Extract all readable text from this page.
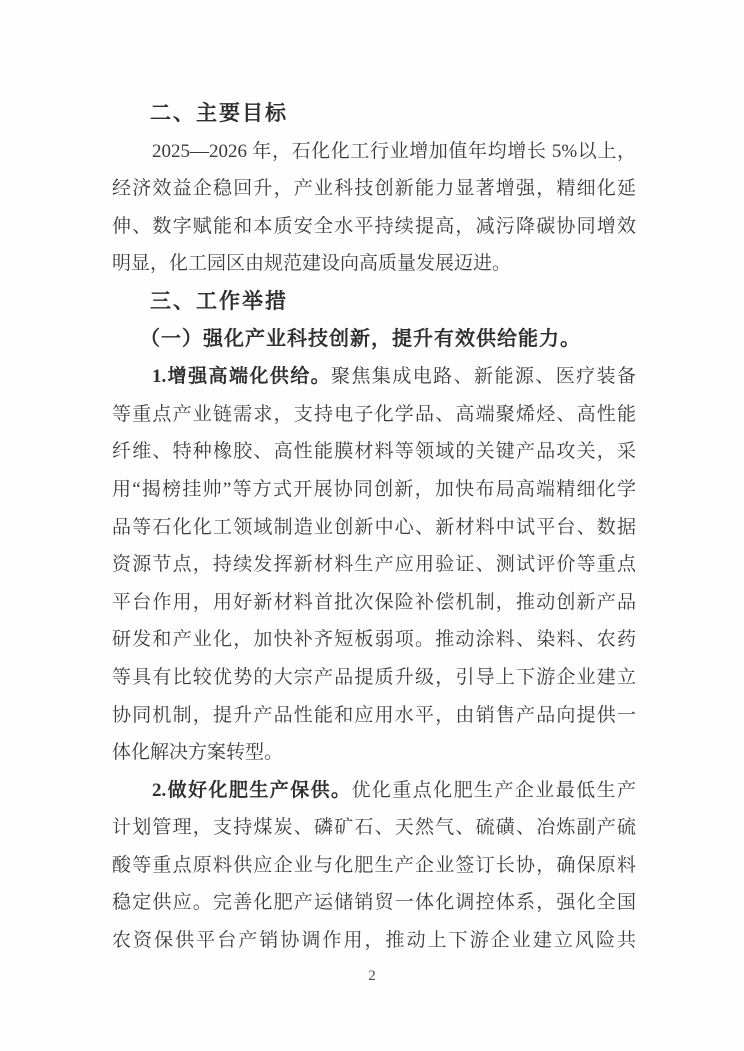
二、主要目标
2025—2026 年，石化化工行业增加值年均增长 5%以上，
经济效益企稳回升，产业科技创新能力显著增强，精细化延
伸、数字赋能和本质安全水平持续提高，减污降碳协同增效
明显，化工园区由规范建设向高质量发展迈进。
三、工作举措
（一）强化产业科技创新，提升有效供给能力。
1.增强高端化供给。聚焦集成电路、新能源、医疗装备
等重点产业链需求，支持电子化学品、高端聚烯烃、高性能
纤维、特种橡胶、高性能膜材料等领域的关键产品攻关，采
用“揭榜挂帅”等方式开展协同创新，加快布局高端精细化学
品等石化化工领域制造业创新中心、新材料中试平台、数据
资源节点，持续发挥新材料生产应用验证、测试评价等重点
平台作用，用好新材料首批次保险补偿机制，推动创新产品
研发和产业化，加快补齐短板弱项。推动涂料、染料、农药
等具有比较优势的大宗产品提质升级，引导上下游企业建立
协同机制，提升产品性能和应用水平，由销售产品向提供一
体化解决方案转型。
2.做好化肥生产保供。优化重点化肥生产企业最低生产
计划管理，支持煤炭、磷矿石、天然气、硫磺、冶炼副产硫
酸等重点原料供应企业与化肥生产企业签订长协，确保原料
稳定供应。完善化肥产运储销贸一体化调控体系，强化全国
农资保供平台产销协调作用，推动上下游企业建立风险共
2
